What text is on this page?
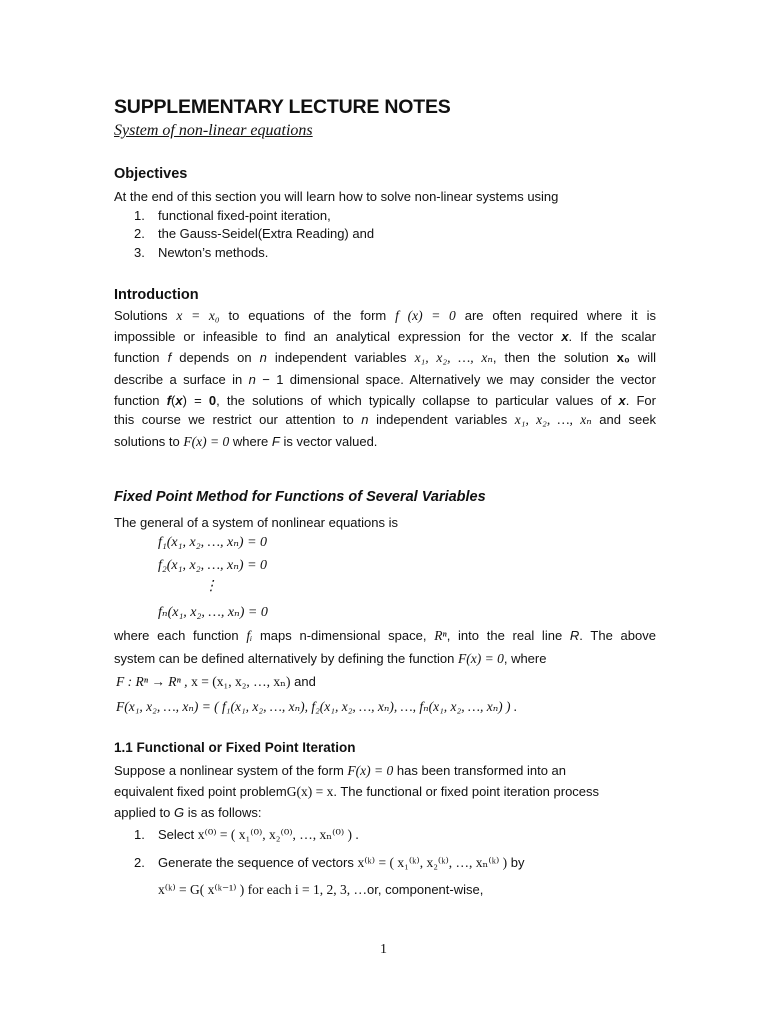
SUPPLEMENTARY LECTURE NOTES
System of non-linear equations
Objectives
At the end of this section you will learn how to solve non-linear systems using
1. functional fixed-point iteration,
2. the Gauss-Seidel(Extra Reading) and
3. Newton’s methods.
Introduction
Solutions x = x₀ to equations of the form f (x) = 0 are often required where it is
impossible or infeasible to find an analytical expression for the vector x. If the scalar
function f depends on n independent variables x₁, x₂, …, xₙ, then the solution x₀ will
describe a surface in n − 1 dimensional space. Alternatively we may consider the vector
function f(x) = 0, the solutions of which typically collapse to particular values of x. For
this course we restrict our attention to n independent variables x₁, x₂, …, xₙ and seek
solutions to F(x) = 0 where F is vector valued.
Fixed Point Method for Functions of Several Variables
The general of a system of nonlinear equations is
f₁(x₁, x₂, …, xₙ) = 0
f₂(x₁, x₂, …, xₙ) = 0
⋮
fₙ(x₁, x₂, …, xₙ) = 0
where each function fᵢ maps n-dimensional space, Rⁿ, into the real line R. The above
system can be defined alternatively by defining the function F(x) = 0, where
F : Rⁿ → Rⁿ , x = (x₁, x₂, …, xₙ) and
F(x₁, x₂, …, xₙ) = ( f₁(x₁, x₂, …, xₙ), f₂(x₁, x₂, …, xₙ), …, fₙ(x₁, x₂, …, xₙ) ) .
1.1 Functional or Fixed Point Iteration
Suppose a nonlinear system of the form F(x) = 0 has been transformed into an
equivalent fixed point problemG(x) = x. The functional or fixed point iteration process
applied to G is as follows:
1. Select x⁽⁰⁾ = ( x₁⁽⁰⁾, x₂⁽⁰⁾, …, xₙ⁽⁰⁾ ) .
2. Generate the sequence of vectors x⁽ᵏ⁾ = ( x₁⁽ᵏ⁾, x₂⁽ᵏ⁾, …, xₙ⁽ᵏ⁾ ) by
x⁽ᵏ⁾ = G( x⁽ᵏ⁻¹⁾ ) for each i = 1, 2, 3, …or, component-wise,
1
